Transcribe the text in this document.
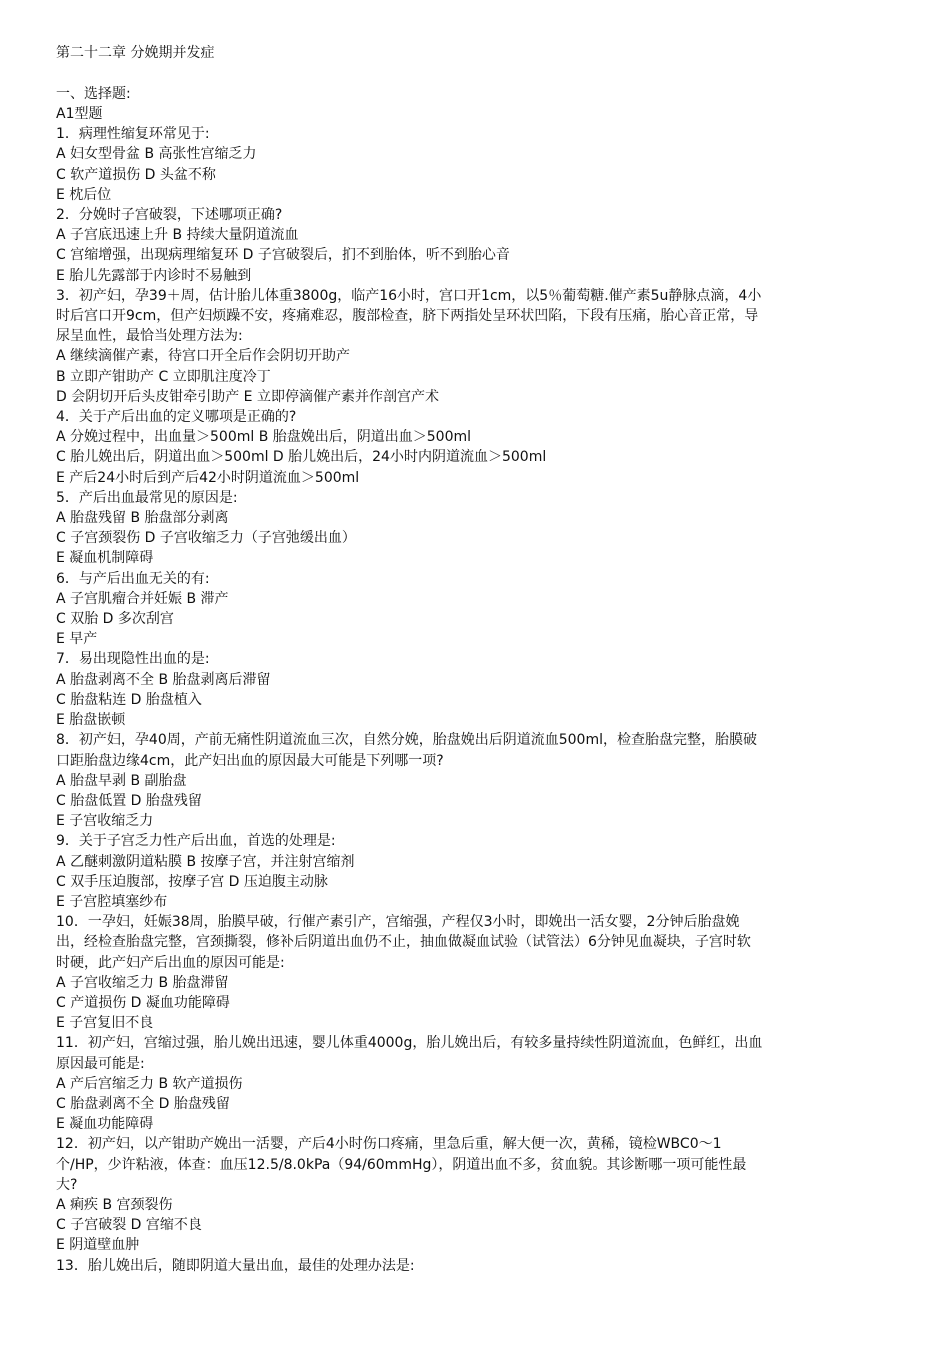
第二十二章 分娩期并发症
一、选择题:
A1型题
1．病理性缩复环常见于:
A 妇女型骨盆 B 高张性宫缩乏力
C 软产道损伤 D 头盆不称
E 枕后位
2．分娩时子宫破裂，下述哪项正确?
A 子宫底迅速上升 B 持续大量阴道流血
C 宫缩增强，出现病理缩复环 D 子宫破裂后，扪不到胎体，听不到胎心音
E 胎儿先露部于内诊时不易触到
3．初产妇，孕39＋周，估计胎儿体重3800g，临产16小时，宫口开1cm，以5％葡萄糖.催产素5u静脉点滴，4小
时后宫口开9cm，但产妇烦躁不安，疼痛难忍，腹部检查，脐下两指处呈环状凹陷，下段有压痛，胎心音正常，导
尿呈血性，最恰当处理方法为:
A 继续滴催产素，待宫口开全后作会阴切开助产
B 立即产钳助产 C 立即肌注度冷丁
D 会阴切开后头皮钳牵引助产 E 立即停滴催产素并作剖宫产术
4．关于产后出血的定义哪项是正确的?
A 分娩过程中，出血量＞500ml B 胎盘娩出后，阴道出血＞500ml
C 胎儿娩出后，阴道出血＞500ml D 胎儿娩出后，24小时内阴道流血＞500ml
E 产后24小时后到产后42小时阴道流血＞500ml
5．产后出血最常见的原因是:
A 胎盘残留 B 胎盘部分剥离
C 子宫颈裂伤 D 子宫收缩乏力（子宫弛缓出血）
E 凝血机制障碍
6．与产后出血无关的有:
A 子宫肌瘤合并妊娠 B 滞产
C 双胎 D 多次刮宫
E 早产
7．易出现隐性出血的是:
A 胎盘剥离不全 B 胎盘剥离后滞留
C 胎盘粘连 D 胎盘植入
E 胎盘嵌顿
8．初产妇，孕40周，产前无痛性阴道流血三次，自然分娩，胎盘娩出后阴道流血500ml，检查胎盘完整，胎膜破
口距胎盘边缘4cm，此产妇出血的原因最大可能是下列哪一项?
A 胎盘早剥 B 副胎盘
C 胎盘低置 D 胎盘残留
E 子宫收缩乏力
9．关于子宫乏力性产后出血，首选的处理是:
A 乙醚刺激阴道粘膜 B 按摩子宫，并注射宫缩剂
C 双手压迫腹部，按摩子宫 D 压迫腹主动脉
E 子宫腔填塞纱布
10．一孕妇，妊娠38周，胎膜早破，行催产素引产，宫缩强，产程仅3小时，即娩出一活女婴，2分钟后胎盘娩
出，经检查胎盘完整，宫颈撕裂，修补后阴道出血仍不止，抽血做凝血试验（试管法）6分钟见血凝块，子宫时软
时硬，此产妇产后出血的原因可能是:
A 子宫收缩乏力 B 胎盘滞留
C 产道损伤 D 凝血功能障碍
E 子宫复旧不良
11．初产妇，宫缩过强，胎儿娩出迅速，婴儿体重4000g，胎儿娩出后，有较多量持续性阴道流血，色鲜红，出血
原因最可能是:
A 产后宫缩乏力 B 软产道损伤
C 胎盘剥离不全 D 胎盘残留
E 凝血功能障碍
12．初产妇，以产钳助产娩出一活婴，产后4小时伤口疼痛，里急后重，解大便一次，黄稀，镜检WBC0～1
个/HP，少许粘液，体查：血压12.5/8.0kPa（94/60mmHg），阴道出血不多，贫血貌。其诊断哪一项可能性最
大?
A 痢疾 B 宫颈裂伤
C 子宫破裂 D 宫缩不良
E 阴道壁血肿
13．胎儿娩出后，随即阴道大量出血，最佳的处理办法是:
